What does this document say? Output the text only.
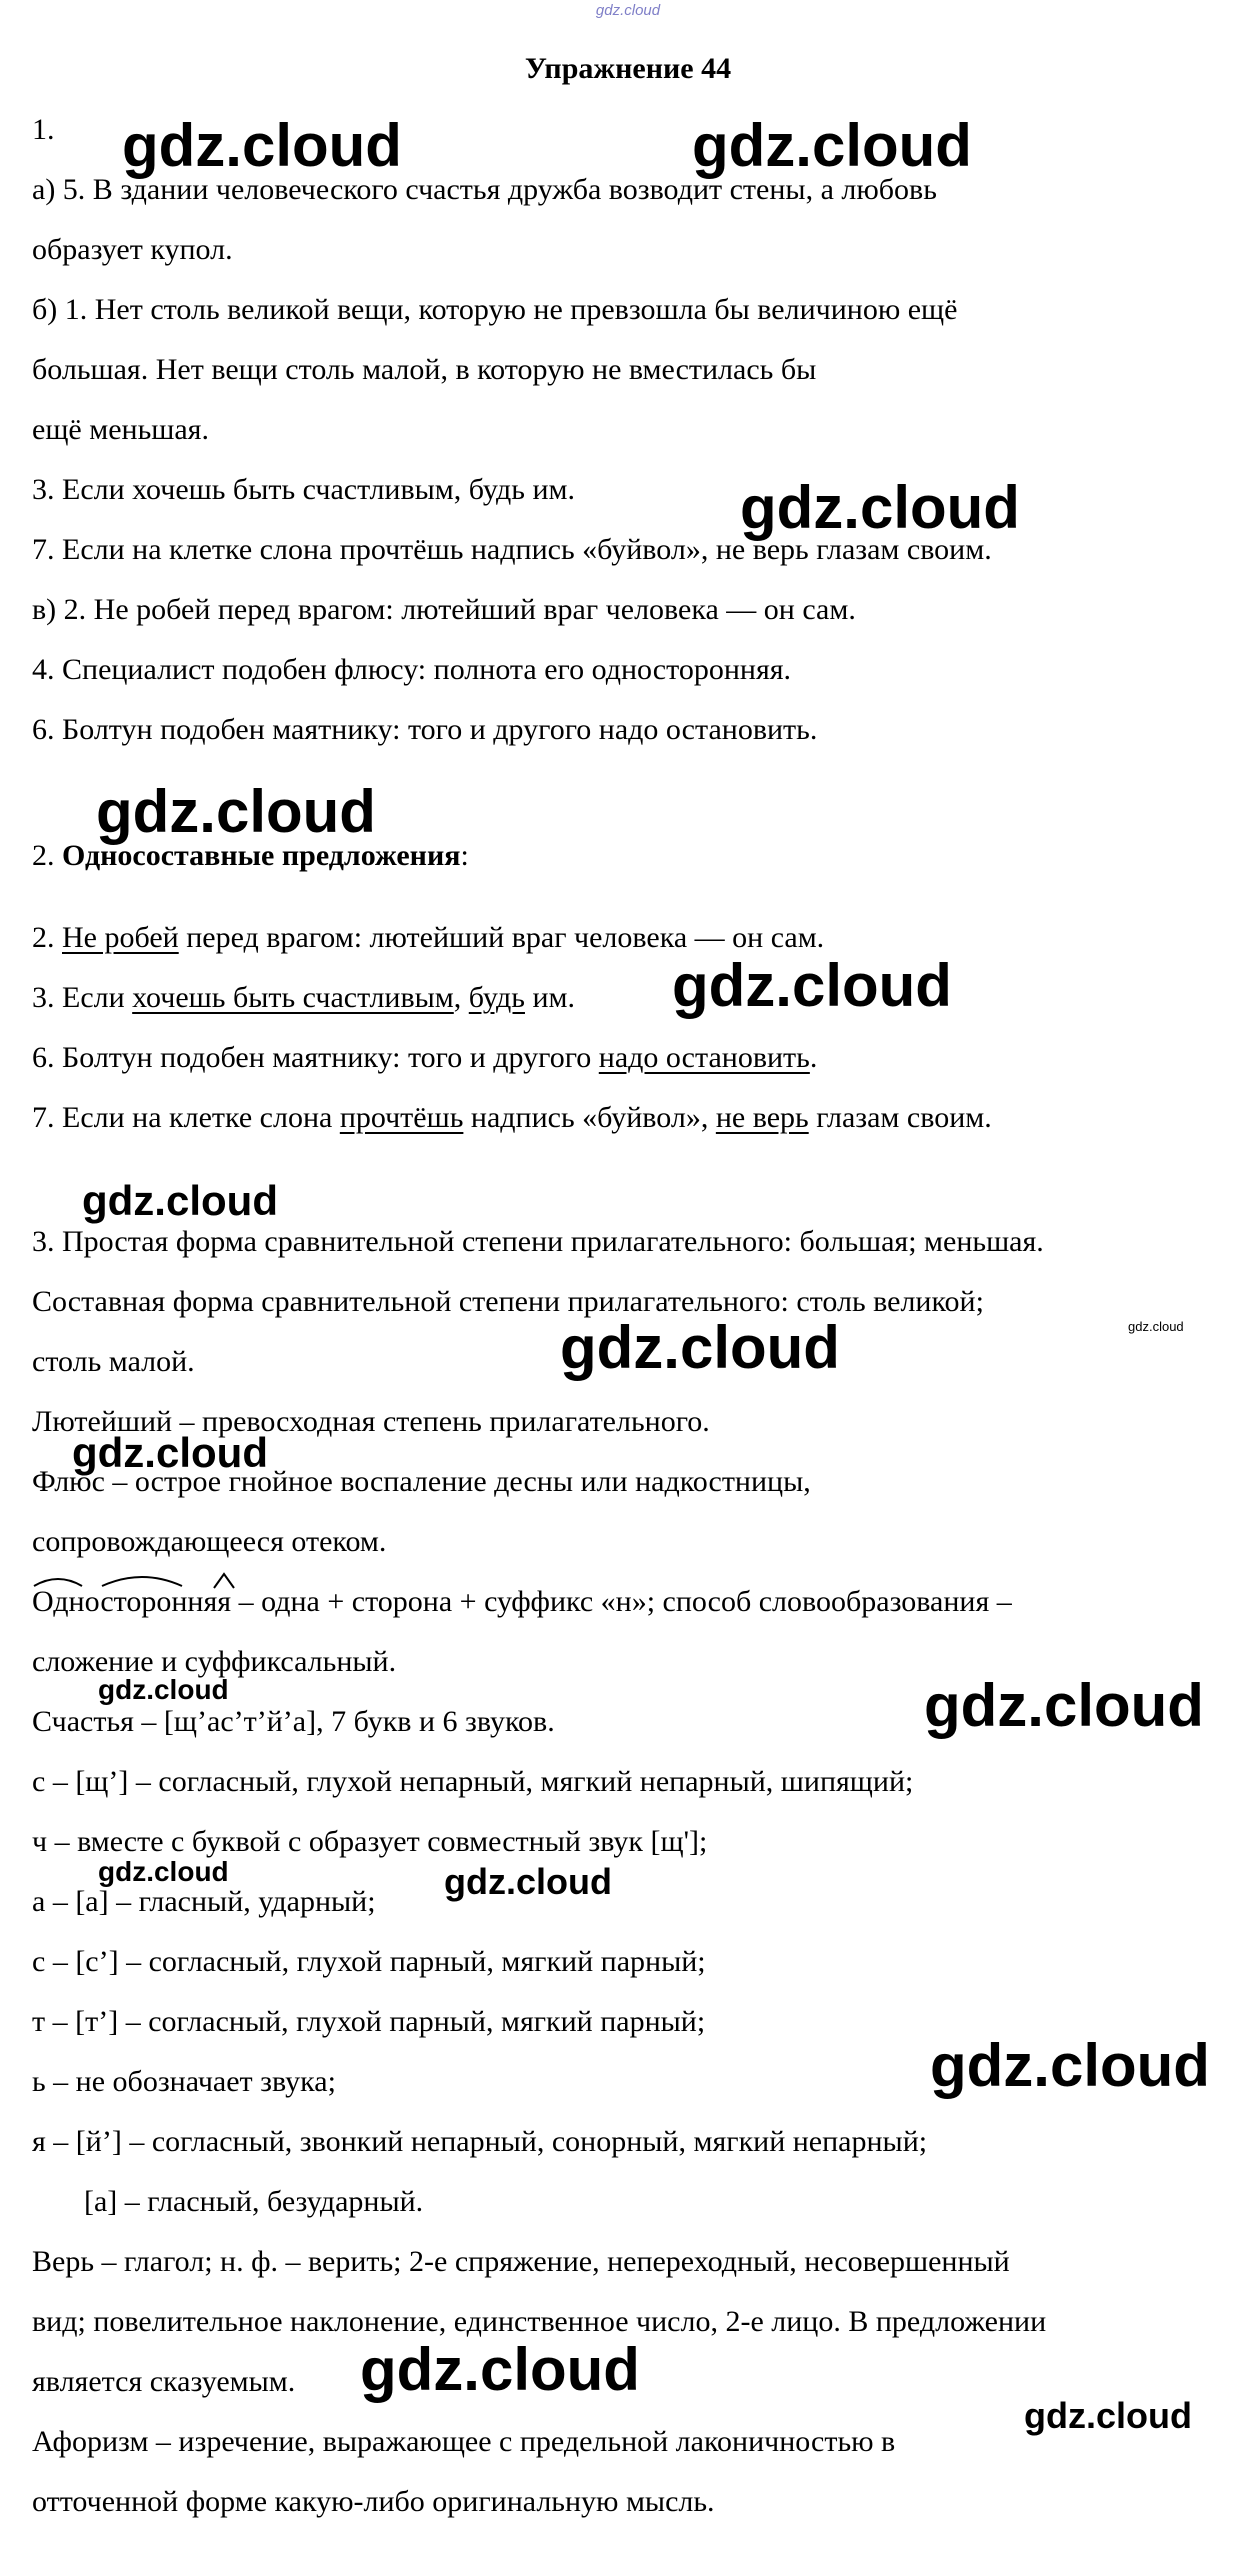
gdz.cloud
Упражнение 44
1.
а) 5. В здании человеческого счастья дружба возводит стены, а любовь
образует купол.
б) 1. Нет столь великой вещи, которую не превзошла бы величиною ещё
большая. Нет вещи столь малой, в которую не вместилась бы
ещё меньшая.
3. Если хочешь быть счастливым, будь им.
7. Если на клетке слона прочтёшь надпись «буйвол», не верь глазам своим.
в) 2. Не робей перед врагом: лютейший враг человека — он сам.
4. Специалист подобен флюсу: полнота его односторонняя.
6. Болтун подобен маятнику: того и другого надо остановить.
2. Односоставные предложения:
2. Не робей перед врагом: лютейший враг человека — он сам.
3. Если хочешь быть счастливым, будь им.
6. Болтун подобен маятнику: того и другого надо остановить.
7. Если на клетке слона прочтёшь надпись «буйвол», не верь глазам своим.
3. Простая форма сравнительной степени прилагательного: большая; меньшая.
Составная форма сравнительной степени прилагательного: столь великой;
столь малой.
Лютейший – превосходная степень прилагательного.
Флюс – острое гнойное воспаление десны или надкостницы,
сопровождающееся отеком.
Односторонняя – одна + сторона + суффикс «н»; способ словообразования –
сложение и суффиксальный.
Счастья – [щ’ас’т’й’а], 7 букв и 6 звуков.
с – [щ’] – согласный, глухой непарный, мягкий непарный, шипящий;
ч – вместе с буквой с образует совместный звук [щ'];
а – [а] – гласный, ударный;
с – [с’] – согласный, глухой парный, мягкий парный;
т – [т’] – согласный, глухой парный, мягкий парный;
ь – не обозначает звука;
я – [й’] – согласный, звонкий непарный, сонорный, мягкий непарный;
[а] – гласный, безударный.
Верь – глагол; н. ф. – верить; 2-е спряжение, непереходный, несовершенный
вид; повелительное наклонение, единственное число, 2-е лицо. В предложении
является сказуемым.
Афоризм – изречение, выражающее с предельной лаконичностью в
отточенной форме какую-либо оригинальную мысль.
gdz.cloud	gdz.cloud
gdz.cloud
gdz.cloud
gdz.cloud
gdz.cloud
gdz.cloud
gdz.cloud
gdz.cloud
gdz.cloud	gdz.cloud
gdz.cloud	gdz.cloud
gdz.cloud
gdz.cloud
gdz.cloud
